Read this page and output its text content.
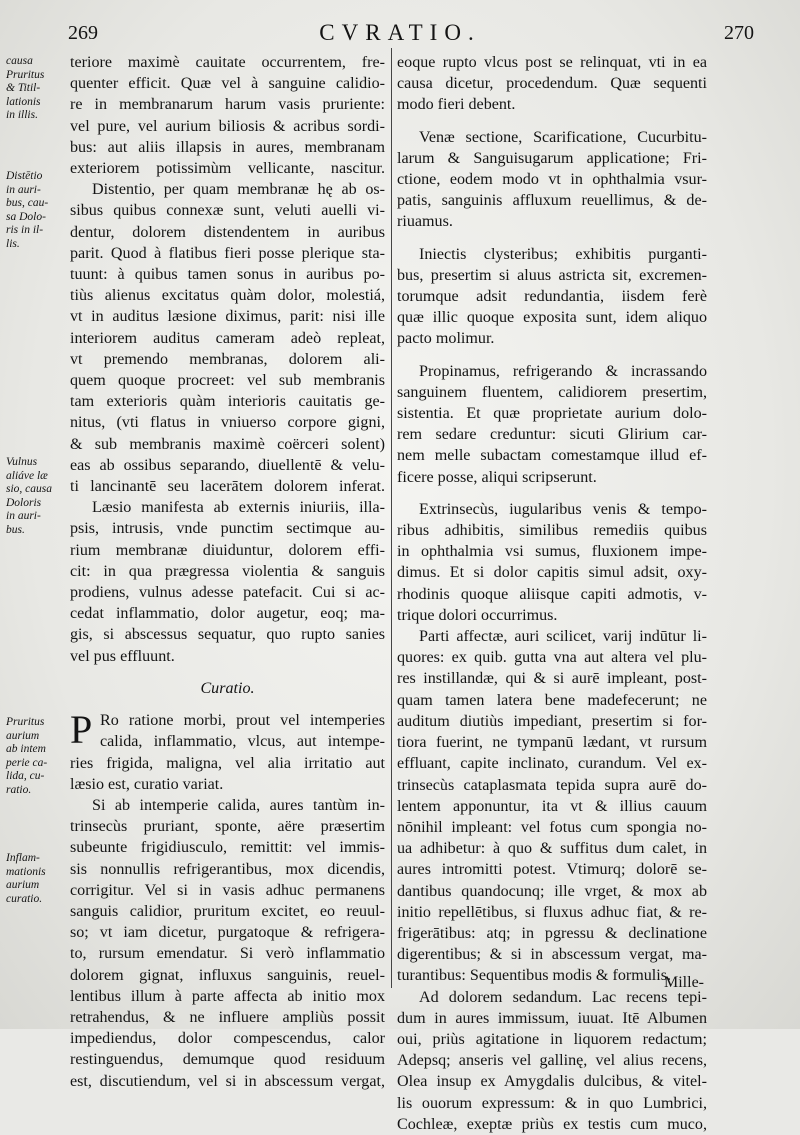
269	CVRATIO.	270
causa
Pruritus
& Titil-
lationis
in illis.
Distētio
in auri-
bus, cau-
sa Dolo-
ris in il-
lis.
Vulnus
aliáve læ
sio, causa
Doloris
in auri-
bus.
Pruritus
aurium
ab intem
perie ca-
lida, cu-
ratio.
Inflam-
mationis
aurium
curatio.
teriore maximè cauitate occurrentem, fre-
quenter efficit. Quæ vel à sanguine calidio-
re in membranarum harum vasis pruriente:
vel pure, vel aurium biliosis & acribus sordi-
bus: aut aliis illapsis in aures, membranam
exteriorem potissimùm vellicante, nascitur.
Distentio, per quam membranæ hę ab os-
sibus quibus connexæ sunt, veluti auelli vi-
dentur, dolorem distendentem in auribus
parit. Quod à flatibus fieri posse plerique sta-
tuunt: à quibus tamen sonus in auribus po-
tiùs alienus excitatus quàm dolor, molestiá,
vt in auditus læsione diximus, parit: nisi ille
interiorem auditus cameram adeò repleat,
vt premendo membranas, dolorem ali-
quem quoque procreet: vel sub membranis
tam exterioris quàm interioris cauitatis ge-
nitus, (vti flatus in vniuerso corpore gigni,
& sub membranis maximè coërceri solent)
eas ab ossibus separando, diuellentē & velu-
ti lancinantē seu lacerātem dolorem inferat.
Læsio manifesta ab externis iniuriis, illa-
psis, intrusis, vnde punctim sectimque au-
rium membranæ diuiduntur, dolorem effi-
cit: in qua prægressa violentia & sanguis
prodiens, vulnus adesse patefacit. Cui si ac-
cedat inflammatio, dolor augetur, eoq; ma-
gis, si abscessus sequatur, quo rupto sanies
vel pus effluunt.
Curatio.
P Ro ratione morbi, prout vel intemperies
calida, inflammatio, vlcus, aut intempe-
ries frigida, maligna, vel alia irritatio aut
læsio est, curatio variat.
Si ab intemperie calida, aures tantùm in-
trinsecùs pruriant, sponte, aëre præsertim
subeunte frigidiusculo, remittit: vel immis-
sis nonnullis refrigerantibus, mox dicendis,
corrigitur. Vel si in vasis adhuc permanens
sanguis calidior, pruritum excitet, eo reuul-
so; vt iam dicetur, purgatoque & refrigera-
to, rursum emendatur. Si verò inflammatio
dolorem gignat, influxus sanguinis, reuel-
lentibus illum à parte affecta ab initio mox
retrahendus, & ne influere ampliùs possit
impediendus, dolor compescendus, calor
restinguendus, demumque quod residuum
est, discutiendum, vel si in abscessum vergat,
eoque rupto vlcus post se relinquat, vti in ea
causa dicetur, procedendum. Quæ sequenti
modo fieri debent.
Venæ sectione, Scarificatione, Cucurbitu-
larum & Sanguisugarum applicatione; Fri-
ctione, eodem modo vt in ophthalmia vsur-
patis, sanguinis affluxum reuellimus, & de-
riuamus.
Iniectis clysteribus; exhibitis purganti-
bus, presertim si aluus astricta sit, excremen-
torumque adsit redundantia, iisdem ferè
quæ illic quoque exposita sunt, idem aliquo
pacto molimur.
Propinamus, refrigerando & incrassando
sanguinem fluentem, calidiorem presertim,
sistentia. Et quæ proprietate aurium dolo-
rem sedare creduntur: sicuti Glirium car-
nem melle subactam comestamque illud ef-
ficere posse, aliqui scripserunt.
Extrinsecùs, iugularibus venis & tempo-
ribus adhibitis, similibus remediis quibus
in ophthalmia vsi sumus, fluxionem impe-
dimus. Et si dolor capitis simul adsit, oxy-
rhodinis quoque aliisque capiti admotis, v-
trique dolori occurrimus.
Parti affectæ, auri scilicet, varij indūtur li-
quores: ex quib. gutta vna aut altera vel plu-
res instillandæ, qui & si aurē impleant, post-
quam tamen latera bene madefecerunt; ne
auditum diutiùs impediant, presertim si for-
tiora fuerint, ne tympanū lædant, vt rursum
effluant, capite inclinato, curandum. Vel ex-
trinsecùs cataplasmata tepida supra aurē do-
lentem apponuntur, ita vt & illius cauum
nōnihil impleant: vel fotus cum spongia no-
ua adhibetur: à quo & suffitus dum calet, in
aures intromitti potest. Vtimurq; dolorē se-
dantibus quandocunq; ille vrget, & mox ab
initio repellētibus, si fluxus adhuc fiat, & re-
frigerātibus: atq; in pgressu & declinatione
digerentibus; & si in abscessum vergat, ma-
turantibus: Sequentibus modis & formulis.
Ad dolorem sedandum. Lac recens tepi-
dum in aures immissum, iuuat. Itē Albumen
oui, priùs agitatione in liquorem redactum;
Adepsq; anseris vel gallinę, vel alius recens,
Olea insup ex Amygdalis dulcibus, & vitel-
lis ouorum expressum: & in quo Lumbrici,
Cochleæ, exeptæ priùs ex testis cum muco,
Mille-
